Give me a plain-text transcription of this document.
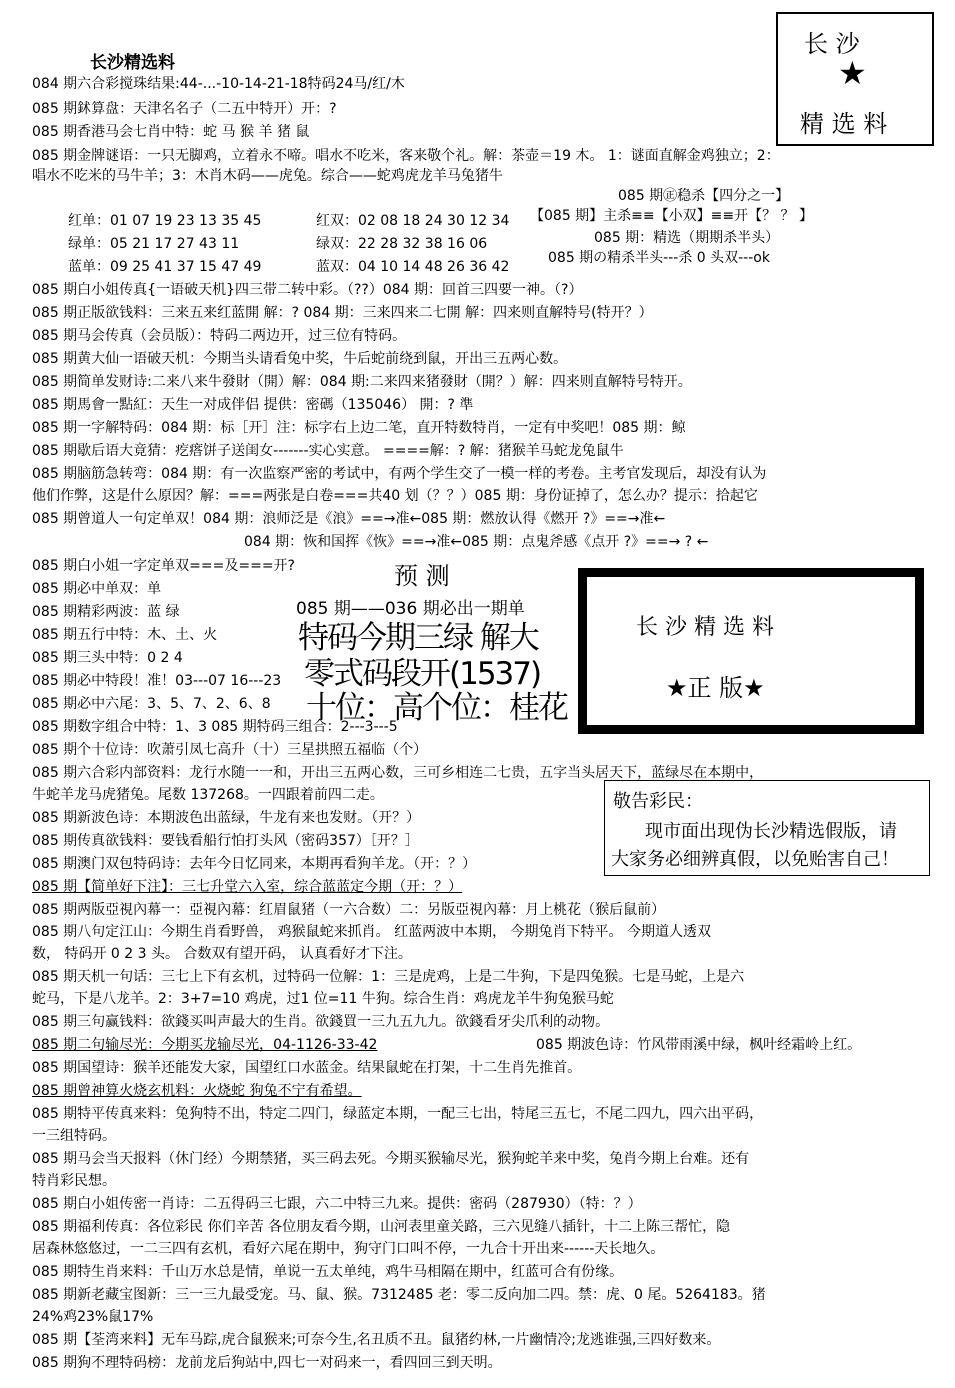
长沙精选料
长 沙
★
精 选 料
084 期六合彩搅珠结果:44-...-10-14-21-18特码24马/红/木
085 期鉥算盘：天津名名子（二五中特开）开：?
085 期香港马会七肖中特：蛇 马 猴 羊 猪 鼠
085 期金牌谜语：一只无脚鸡，立着永不啼。唱水不吃米，客来敬个礼。解：茶壶＝19 木。 1：谜面直解金鸡独立；2：
唱水不吃米的马牛羊；3：木肖木码——虎兔。综合——蛇鸡虎龙羊马兔猪牛
红单：01 07 19 23 13 35 45
绿单：05 21 17 27 43 11
蓝单：09 25 41 37 15 47 49
红双：02 08 18 24 30 12 34
绿双：22 28 32 38 16 06
蓝双：04 10 14 48 26 36 42
085 期㊣稳杀【四分之一】
【085 期】主杀≡≡【小双】≡≡开【？ ？ 】
085 期：精选（期期杀半头）
085 期の精杀半头---杀 0 头双---ok
085 期白小姐传真{一语破天机}四三带二转中彩。（??）084 期：回首三四要一神。（?）
085 期正版欲钱料：三来五来红蓝開 解：? 084 期：三来四来二七開 解：四来则直解特号(特开？）
085 期马会传真（会员版）：特码二两边开，过三位有特码。
085 期黄大仙一语破天机：今期当头请看兔中奖，牛后蛇前绕到鼠，开出三五两心数。
085 期简单发财诗:二来八来牛發財（開）解：084 期:二来四来猪發財（開？）解：四来则直解特号特开。
085 期馬會一點紅：天生一对成伴侣 提供：密碼（135046） 開：? 準
085 期一字解特码：084 期：标［开］注：标字右上边二笔，直开特数特肖，一定有中奖吧！085 期：鲸
085 期歇后语大竟猜：疙瘩饼子送闺女-------实心实意。 ====解：? 解：猪猴羊马蛇龙兔鼠牛
085 期脑筋急转弯：084 期：有一次监察严密的考试中，有两个学生交了一模一样的考卷。主考官发现后，却没有认为
他们作弊，这是什么原因？解：===两张是白卷===共40 划（？？）085 期：身份证掉了，怎么办？提示：拾起它
085 期曾道人一句定单双！084 期：浪师泛是《浪》==→准←085 期：燃放认得《燃开 ?》==→准←
084 期：恢和国挥《恢》==→准←085 期：点鬼斧感《点开 ?》==→ ? ←
085 期白小姐一字定单双===及===开?
085 期必中单双：单
085 期精彩两波：蓝 绿
085 期五行中特：木、土、火
085 期三头中特：0 2 4
085 期必中特段！准！03---07 16---23
085 期必中六尾：3、5、7、2、6、8
085 期数字组合中特：1、3 085 期特码三组合：2---3---5
085 期个十位诗：吹萧引凤七高升（十）三星拱照五福临（个）
085 期六合彩内部资料：龙行水随一一和，开出三五两心数，三可乡相连二七贵，五字当头居天下，蓝绿尽在本期中，
牛蛇羊龙马虎猪兔。尾数 137268。一四跟着前四二走。
085 期新波色诗：本期波色出蓝绿，牛龙有来也发财。（开？）
085 期传真欲钱料：要钱看船行怕打头风（密码357）［开？］
085 期澳门双包特码诗：去年今日忆同来，本期再看狗羊龙。（开：？）
085 期【简单好下注】：三七升堂六入室，综合蓝蓝定今期（开：？）
预 测
085 期——036 期必出一期单
特码今期三绿 解大
零式码段开(1537)
十位：高个位：桂花
长 沙 精 选 料
★正 版★
敬告彩民：
现市面出现伪长沙精选假版，请
大家务必细辨真假，以免贻害自己！
085 期两版亞視內幕一：亞視內幕：红眉鼠猪（一六合数）二：另版亞視內幕：月上桃花（猴后鼠前）
085 期八句定江山：今期生肖看野兽， 鸡猴鼠蛇来抓肖。 红蓝两波中本期， 今期兔肖下特平。 今期道人透双
数， 特码开 0 2 3 头。 合数双有望开码， 认真看好才下注。
085 期天机一句话：三七上下有玄机，过特码一位解：1：三是虎鸡，上是二牛狗，下是四兔猴。七是马蛇，上是六
蛇马，下是八龙羊。2：3+7=10 鸡虎，过1 位=11 牛狗。综合生肖：鸡虎龙羊牛狗兔猴马蛇
085 期三句赢钱料：欲錢买叫声最大的生肖。欲錢買一三九五九九。欲錢看牙尖爪利的动物。
085 期二句输尽光：今期买龙输尽光，04-1126-33-42	085 期波色诗：竹风带雨溪中绿，枫叶经霜岭上红。
085 期国望诗：猴羊还能发大家，国望红口水蓝金。结果鼠蛇在打架，十二生肖先推首。
085 期曾神算火烧玄机料：火烧蛇 狗兔不宁有希望。
085 期特平传真来料：兔狗特不出，特定二四门，绿蓝定本期，一配三七出，特尾三五七，不尾二四九，四六出平码，
一三组特码。
085 期马会当天报料（休门经）今期禁猪，买三码去死。今期买猴输尽光，猴狗蛇羊来中奖，兔肖今期上台难。还有
特肖彩民想。
085 期白小姐传密一肖诗：二五得码三七跟，六二中特三九来。提供：密码（287930）（特：？）
085 期福利传真：各位彩民 你们辛苦 各位朋友看今期，山河表里童关路，三六见缝八插针，十二上陈三帮忙，隐
居森林悠悠过，一二三四有玄机，看好六尾在期中，狗守门口叫不停，一九合十开出来------天长地久。
085 期特生肖来料：千山万水总是情，单说一五太单纯，鸡牛马相隔在期中，红蓝可合有份缘。
085 期新老藏宝图新：三一三九最受宠。马、鼠、猴。7312485 老：零二反向加二四。禁：虎、0 尾。5264183。猪
24%鸡23%鼠17%
085 期【荃湾来料】无车马踪,虎合鼠猴来;可奈今生,名丑质不丑。鼠猪约林,一片幽情冷;龙逃谁强,三四好数来。
085 期狗不理特码榜：龙前龙后狗站中,四七一对码来一，看四回三到天明。
